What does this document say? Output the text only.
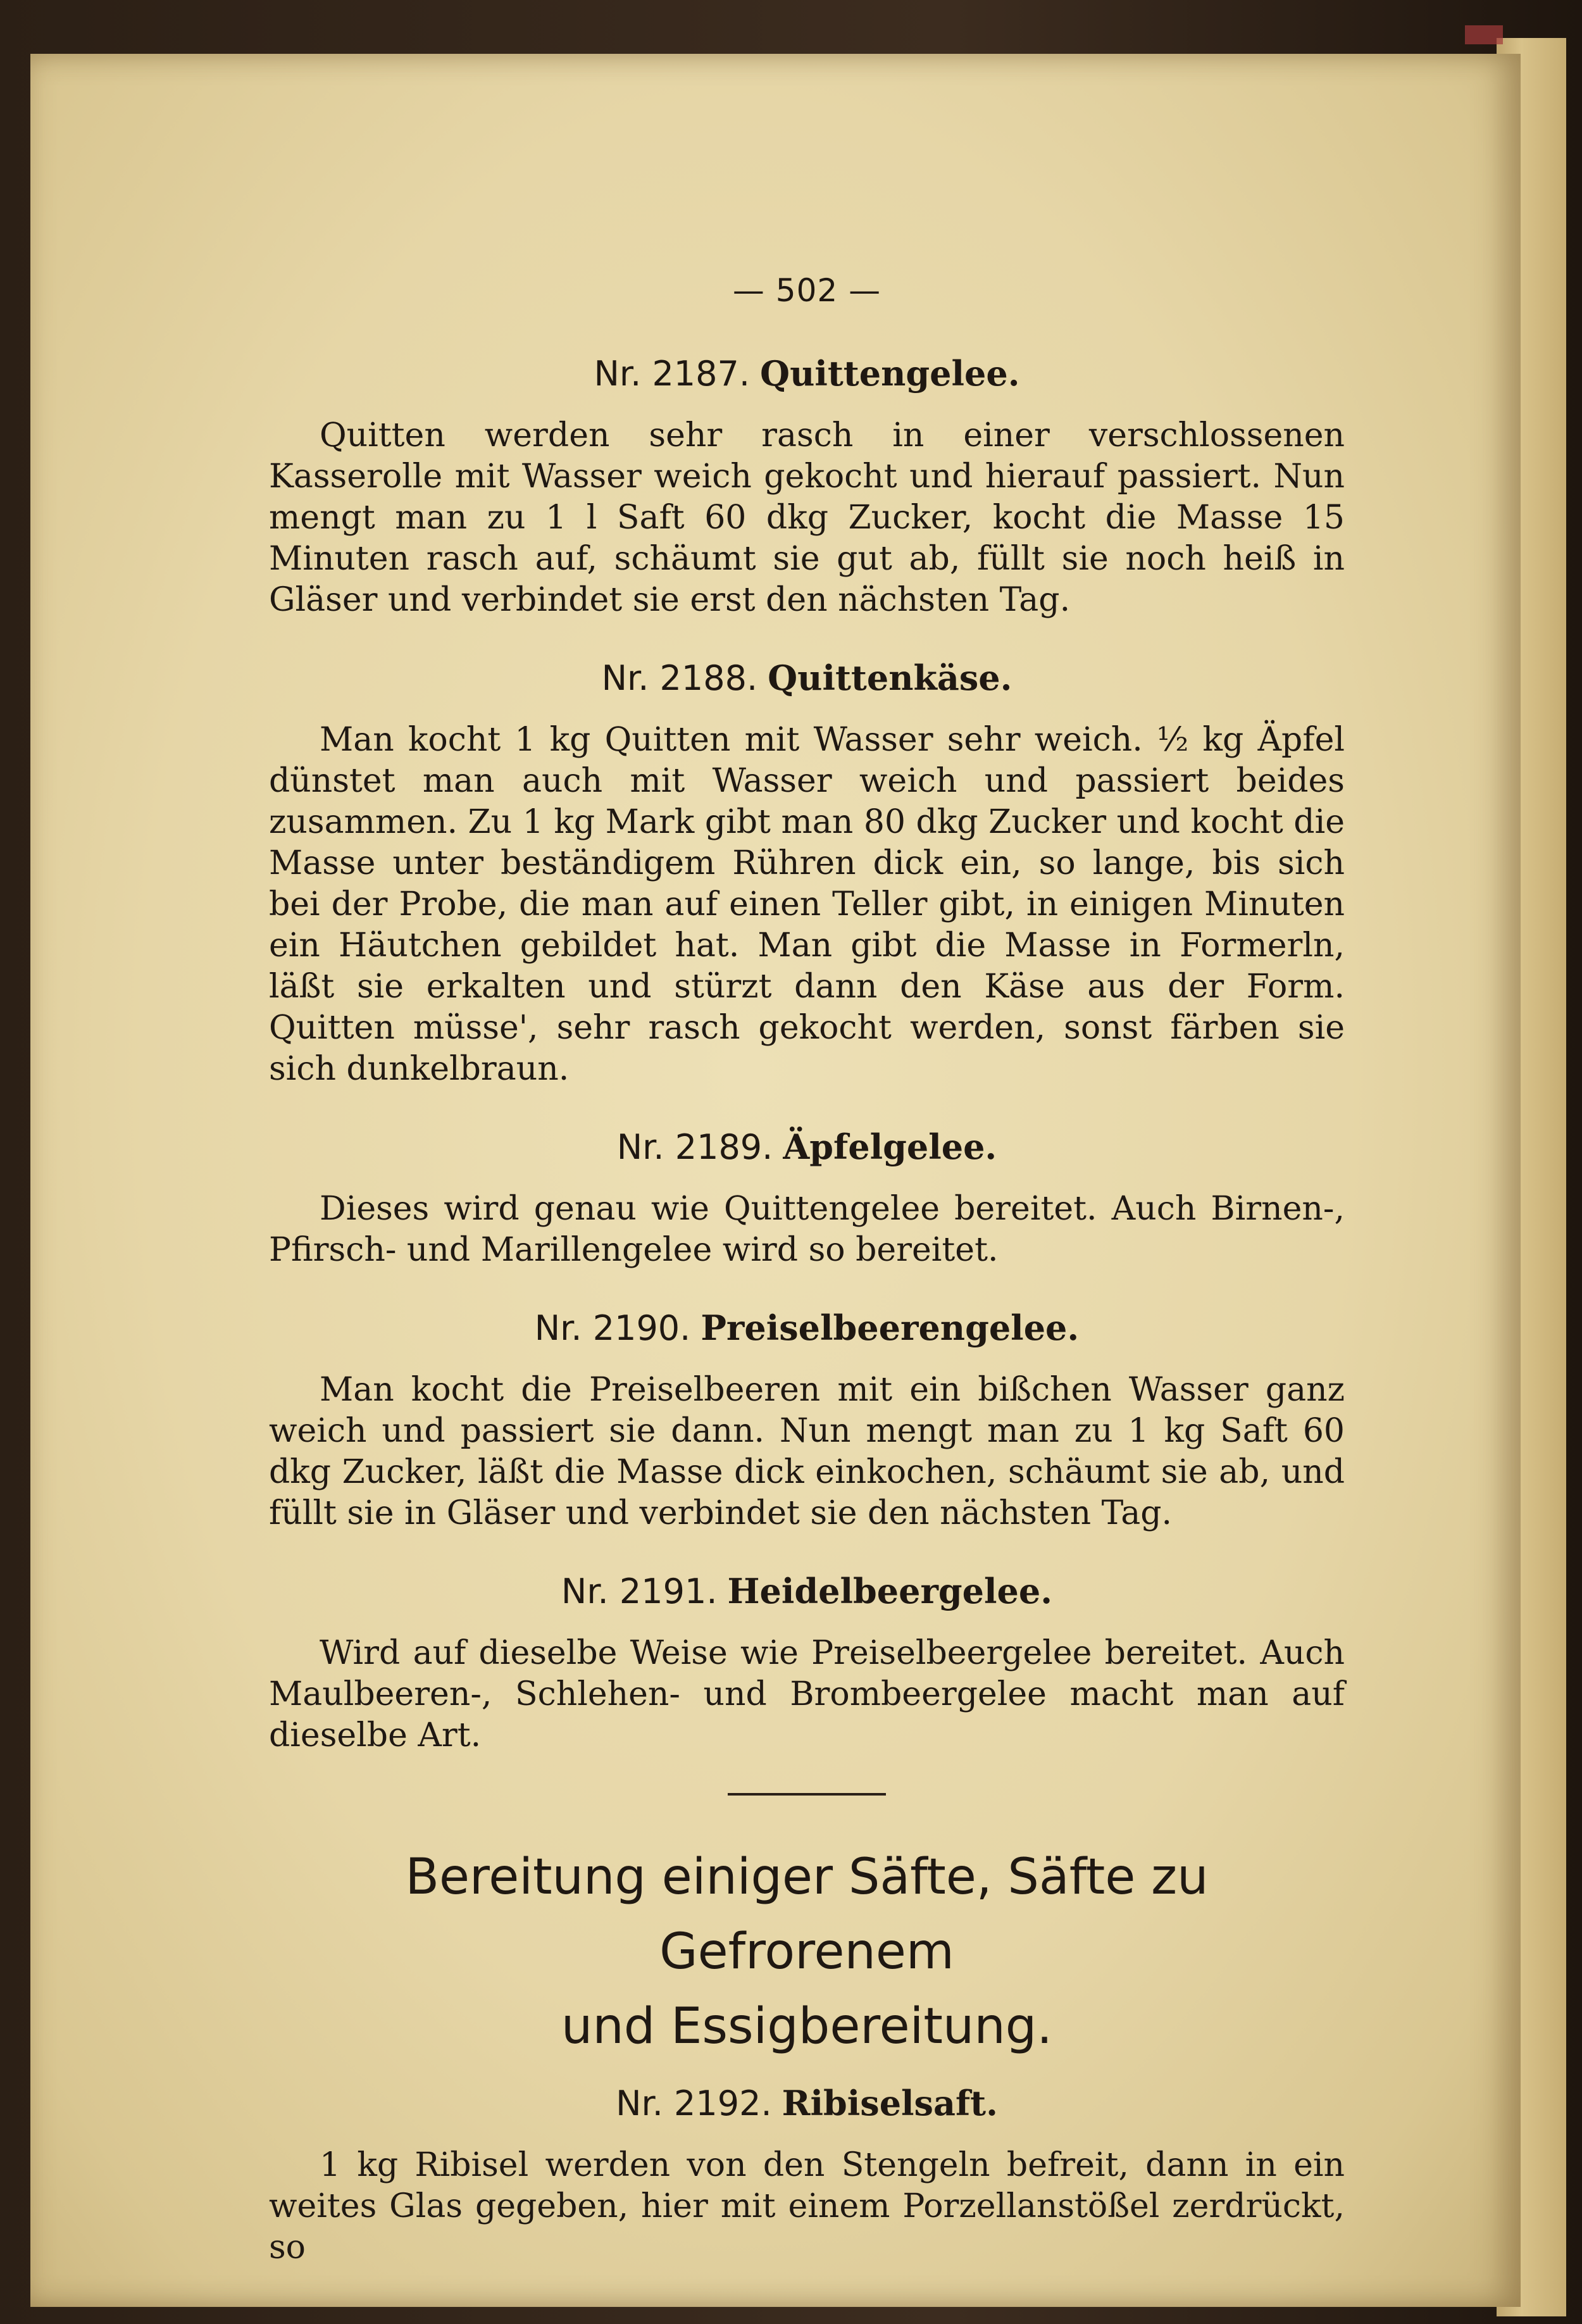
— 502 —
Nr. 2187. Quittengelee.

Quitten werden sehr rasch in einer verschlossenen Kasserolle mit Wasser weich gekocht und hierauf passiert. Nun mengt man zu 1 l Saft 60 dkg Zucker, kocht die Masse 15 Minuten rasch auf, schäumt sie gut ab, füllt sie noch heiß in Gläser und verbindet sie erst den nächsten Tag.

Nr. 2188. Quittenkäse.

Man kocht 1 kg Quitten mit Wasser sehr weich. ½ kg Äpfel dünstet man auch mit Wasser weich und passiert beides zusammen. Zu 1 kg Mark gibt man 80 dkg Zucker und kocht die Masse unter beständigem Rühren dick ein, so lange, bis sich bei der Probe, die man auf einen Teller gibt, in einigen Minuten ein Häutchen gebildet hat. Man gibt die Masse in Formerln, läßt sie erkalten und stürzt dann den Käse aus der Form. Quitten müsse', sehr rasch gekocht werden, sonst färben sie sich dunkelbraun.

Nr. 2189. Äpfelgelee.

Dieses wird genau wie Quittengelee bereitet. Auch Birnen-, Pfirsch- und Marillengelee wird so bereitet.

Nr. 2190. Preiselbeerengelee.

Man kocht die Preiselbeeren mit ein bißchen Wasser ganz weich und passiert sie dann. Nun mengt man zu 1 kg Saft 60 dkg Zucker, läßt die Masse dick einkochen, schäumt sie ab, und füllt sie in Gläser und verbindet sie den nächsten Tag.

Nr. 2191. Heidelbeergelee.

Wird auf dieselbe Weise wie Preiselbeergelee bereitet. Auch Maulbeeren-, Schlehen- und Brombeergelee macht man auf dieselbe Art.

Bereitung einiger Säfte, Säfte zu Gefrorenem
und Essigbereitung.
Nr. 2192. Ribiselsaft.

1 kg Ribisel werden von den Stengeln befreit, dann in ein weites Glas gegeben, hier mit einem Porzellanstößel zerdrückt, so
